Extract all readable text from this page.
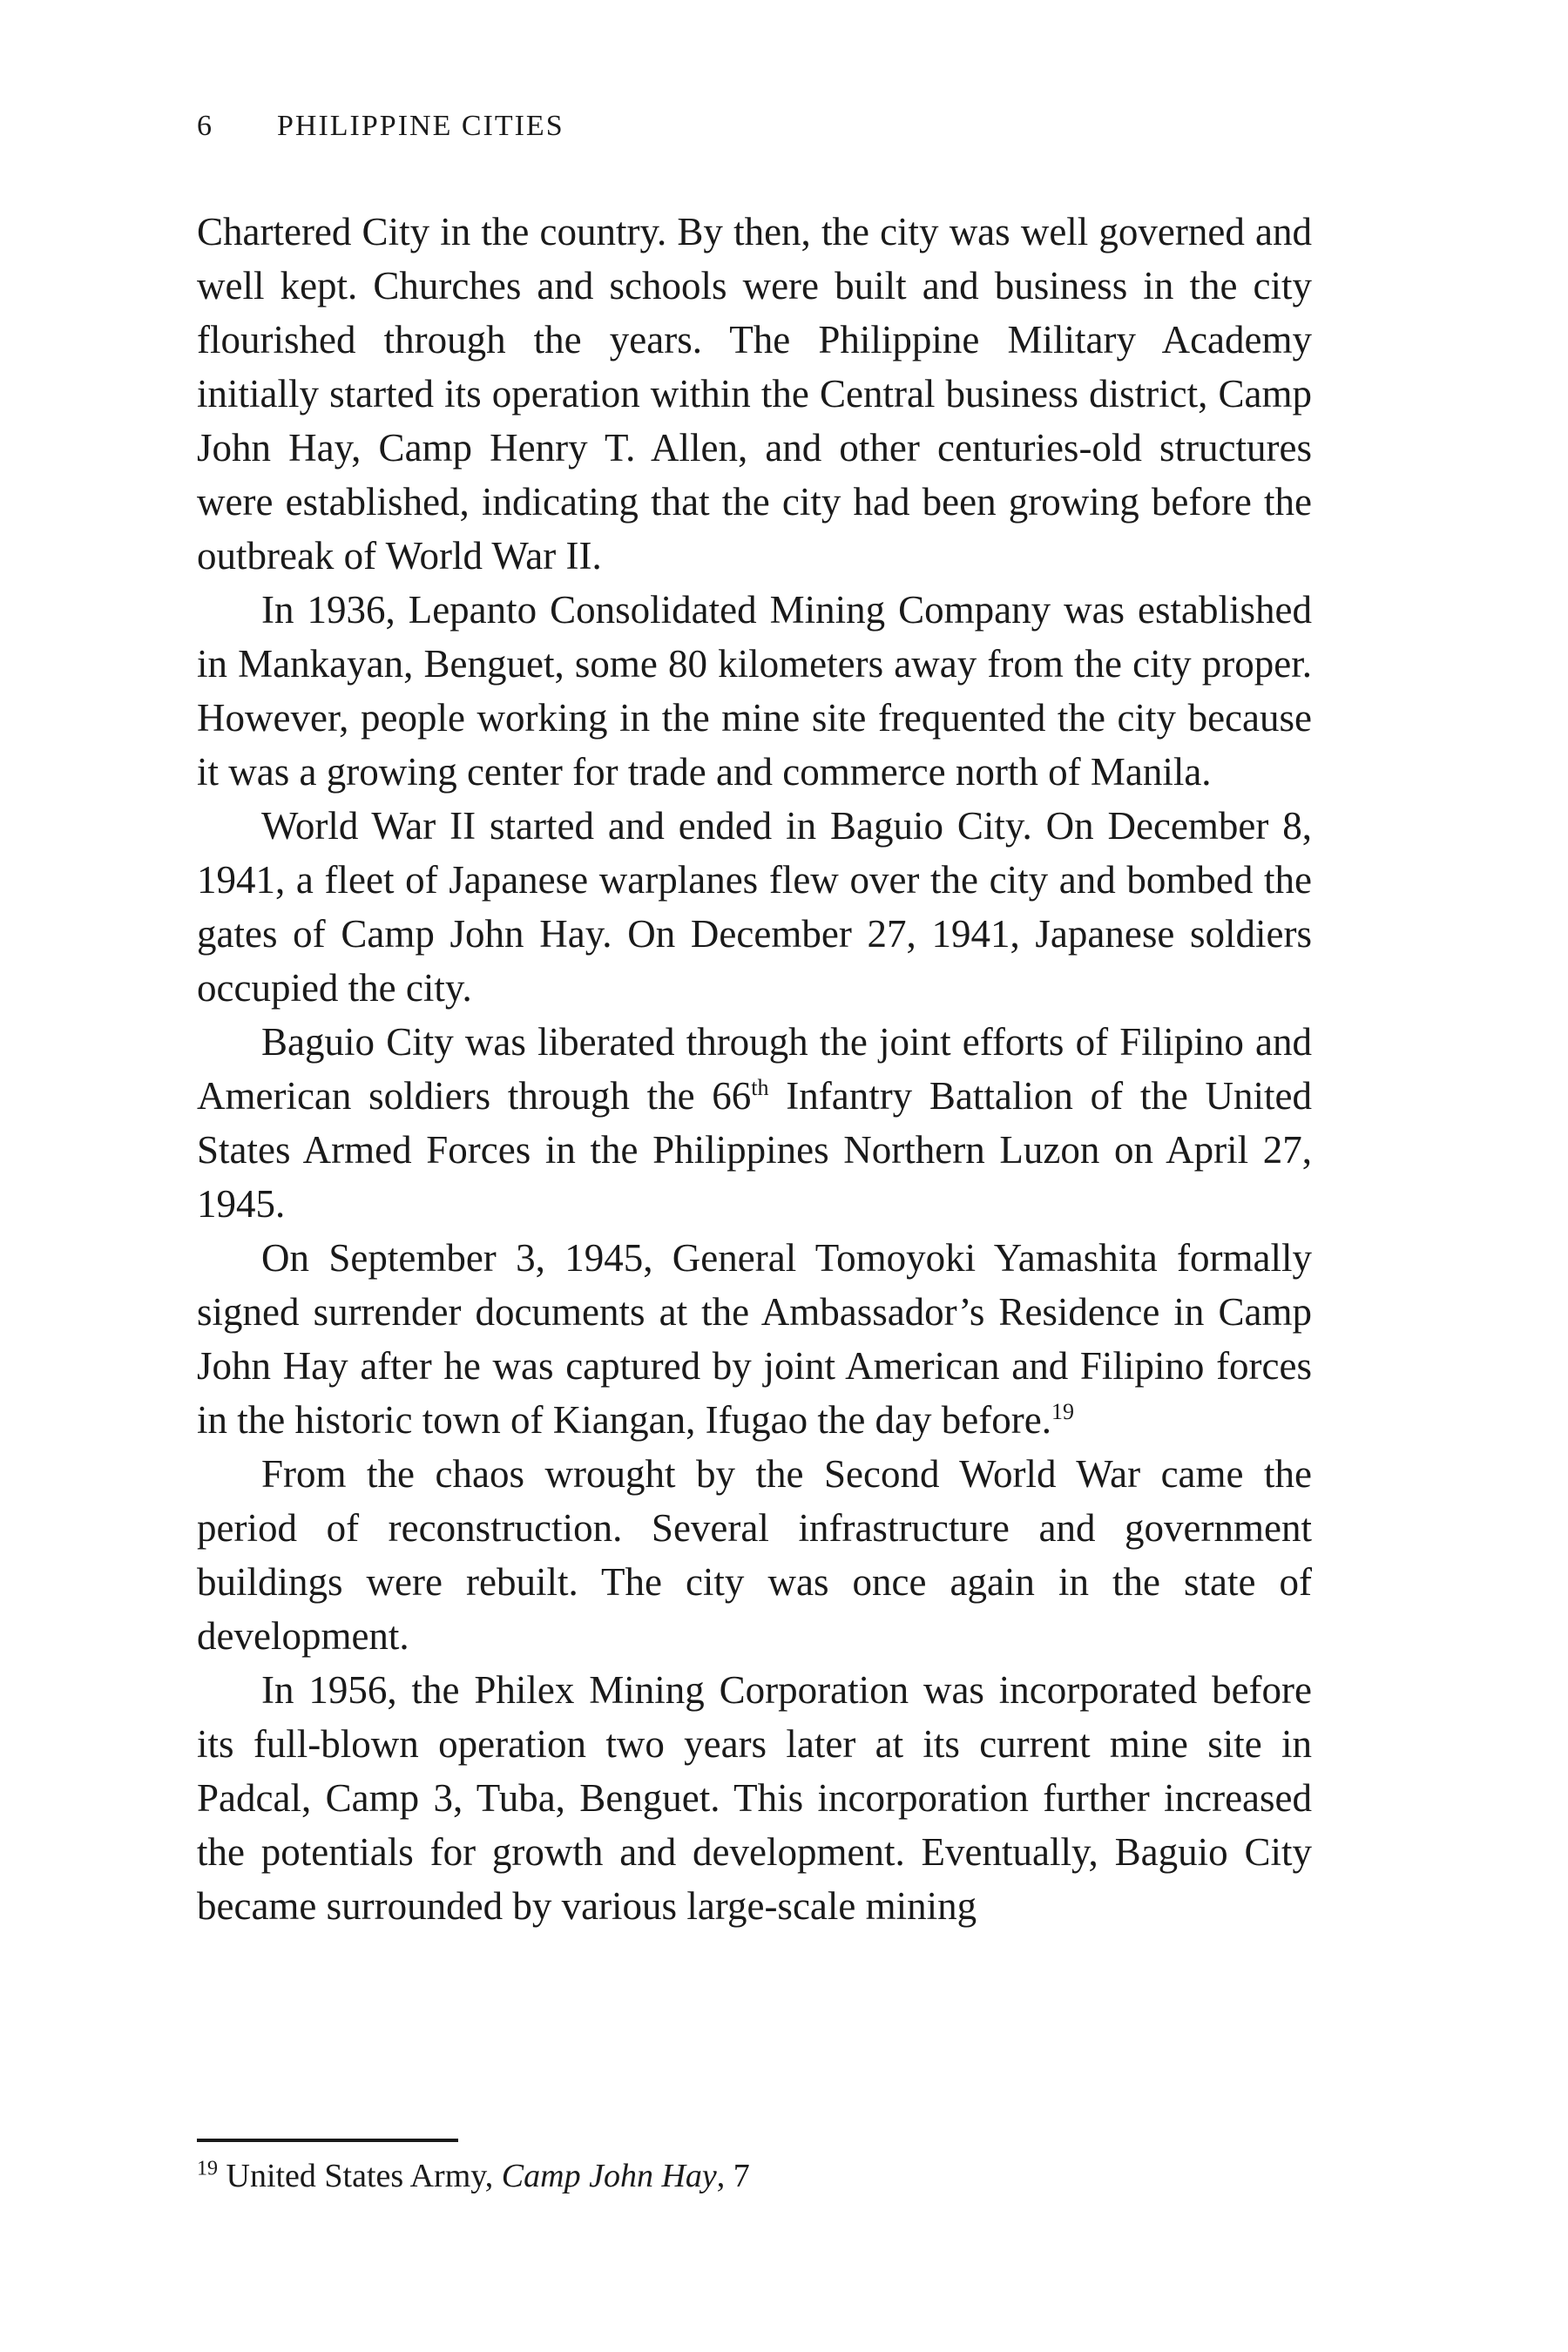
6 PHILIPPINE CITIES

Chartered City in the country. By then, the city was well governed and well kept. Churches and schools were built and business in the city flourished through the years. The Philippine Military Academy initially started its operation within the Central business district, Camp John Hay, Camp Henry T. Allen, and other centuries-old structures were established, indicating that the city had been growing before the outbreak of World War II.

In 1936, Lepanto Consolidated Mining Company was established in Mankayan, Benguet, some 80 kilometers away from the city proper. However, people working in the mine site frequented the city because it was a growing center for trade and commerce north of Manila.

World War II started and ended in Baguio City. On December 8, 1941, a fleet of Japanese warplanes flew over the city and bombed the gates of Camp John Hay. On December 27, 1941, Japanese soldiers occupied the city.

Baguio City was liberated through the joint efforts of Filipino and American soldiers through the 66th Infantry Battalion of the United States Armed Forces in the Philippines Northern Luzon on April 27, 1945.

On September 3, 1945, General Tomoyoki Yamashita formally signed surrender documents at the Ambassador’s Residence in Camp John Hay after he was captured by joint American and Filipino forces in the historic town of Kiangan, Ifugao the day before.$^{19}$

From the chaos wrought by the Second World War came the period of reconstruction. Several infrastructure and government buildings were rebuilt. The city was once again in the state of development.

In 1956, the Philex Mining Corporation was incorporated before its full-blown operation two years later at its current mine site in Padcal, Camp 3, Tuba, Benguet. This incorporation further increased the potentials for growth and development. Eventually, Baguio City became surrounded by various large-scale mining

$^{19}$ United States Army, Camp John Hay, 7
